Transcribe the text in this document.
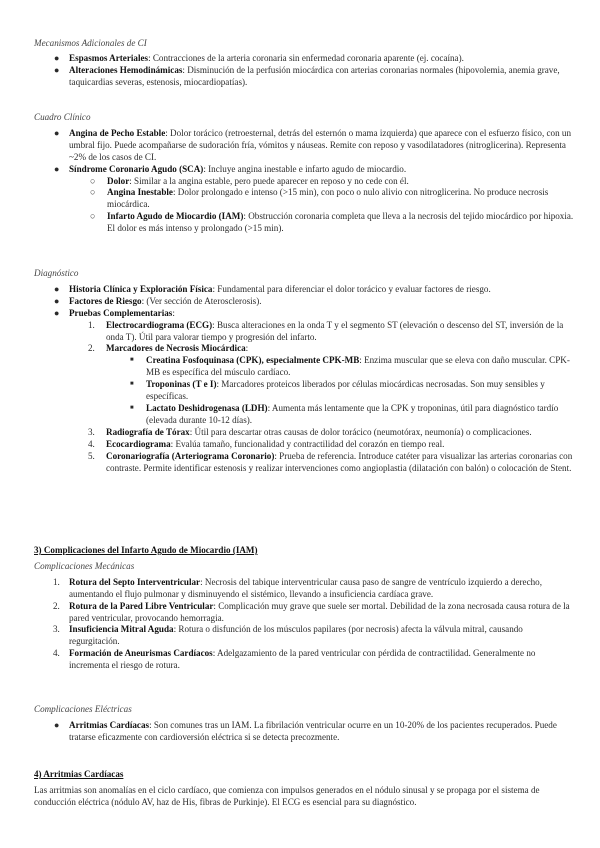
Mecanismos Adicionales de CI
● Espasmos Arteriales: Contracciones de la arteria coronaria sin enfermedad coronaria aparente (ej. cocaína).
● Alteraciones Hemodinámicas: Disminución de la perfusión miocárdica con arterias coronarias normales (hipovolemia, anemia grave, taquicardias severas, estenosis, miocardiopatías).
Cuadro Clínico
● Angina de Pecho Estable: Dolor torácico (retroesternal, detrás del esternón o mama izquierda) que aparece con el esfuerzo físico, con un umbral fijo. Puede acompañarse de sudoración fría, vómitos y náuseas. Remite con reposo y vasodilatadores (nitroglicerina). Representa ~2% de los casos de CI.
● Síndrome Coronario Agudo (SCA): Incluye angina inestable e infarto agudo de miocardio.
○ Dolor: Similar a la angina estable, pero puede aparecer en reposo y no cede con él.
○ Angina Inestable: Dolor prolongado e intenso (>15 min), con poco o nulo alivio con nitroglicerina. No produce necrosis miocárdica.
○ Infarto Agudo de Miocardio (IAM): Obstrucción coronaria completa que lleva a la necrosis del tejido miocárdico por hipoxia. El dolor es más intenso y prolongado (>15 min).
Diagnóstico
● Historia Clínica y Exploración Física: Fundamental para diferenciar el dolor torácico y evaluar factores de riesgo.
● Factores de Riesgo: (Ver sección de Aterosclerosis).
● Pruebas Complementarias:
1. Electrocardiograma (ECG): Busca alteraciones en la onda T y el segmento ST (elevación o descenso del ST, inversión de la onda T). Útil para valorar tiempo y progresión del infarto.
2. Marcadores de Necrosis Miocárdica:
■ Creatina Fosfoquinasa (CPK), especialmente CPK-MB: Enzima muscular que se eleva con daño muscular. CPK-MB es específica del músculo cardíaco.
■ Troponinas (T e I): Marcadores proteicos liberados por células miocárdicas necrosadas. Son muy sensibles y específicas.
■ Lactato Deshidrogenasa (LDH): Aumenta más lentamente que la CPK y troponinas, útil para diagnóstico tardío (elevada durante 10-12 días).
3. Radiografía de Tórax: Útil para descartar otras causas de dolor torácico (neumotórax, neumonía) o complicaciones.
4. Ecocardiograma: Evalúa tamaño, funcionalidad y contractilidad del corazón en tiempo real.
5. Coronariografía (Arteriograma Coronario): Prueba de referencia. Introduce catéter para visualizar las arterias coronarias con contraste. Permite identificar estenosis y realizar intervenciones como angioplastia (dilatación con balón) o colocación de Stent.
3) Complicaciones del Infarto Agudo de Miocardio (IAM)
Complicaciones Mecánicas
1. Rotura del Septo Interventricular: Necrosis del tabique interventricular causa paso de sangre de ventrículo izquierdo a derecho, aumentando el flujo pulmonar y disminuyendo el sistémico, llevando a insuficiencia cardíaca grave.
2. Rotura de la Pared Libre Ventricular: Complicación muy grave que suele ser mortal. Debilidad de la zona necrosada causa rotura de la pared ventricular, provocando hemorragia.
3. Insuficiencia Mitral Aguda: Rotura o disfunción de los músculos papilares (por necrosis) afecta la válvula mitral, causando regurgitación.
4. Formación de Aneurismas Cardíacos: Adelgazamiento de la pared ventricular con pérdida de contractilidad. Generalmente no incrementa el riesgo de rotura.
Complicaciones Eléctricas
● Arritmias Cardíacas: Son comunes tras un IAM. La fibrilación ventricular ocurre en un 10-20% de los pacientes recuperados. Puede tratarse eficazmente con cardioversión eléctrica si se detecta precozmente.
4) Arritmias Cardíacas

Las arritmias son anomalías en el ciclo cardíaco, que comienza con impulsos generados en el nódulo sinusal y se propaga por el sistema de conducción eléctrica (nódulo AV, haz de His, fibras de Purkinje). El ECG es esencial para su diagnóstico.
